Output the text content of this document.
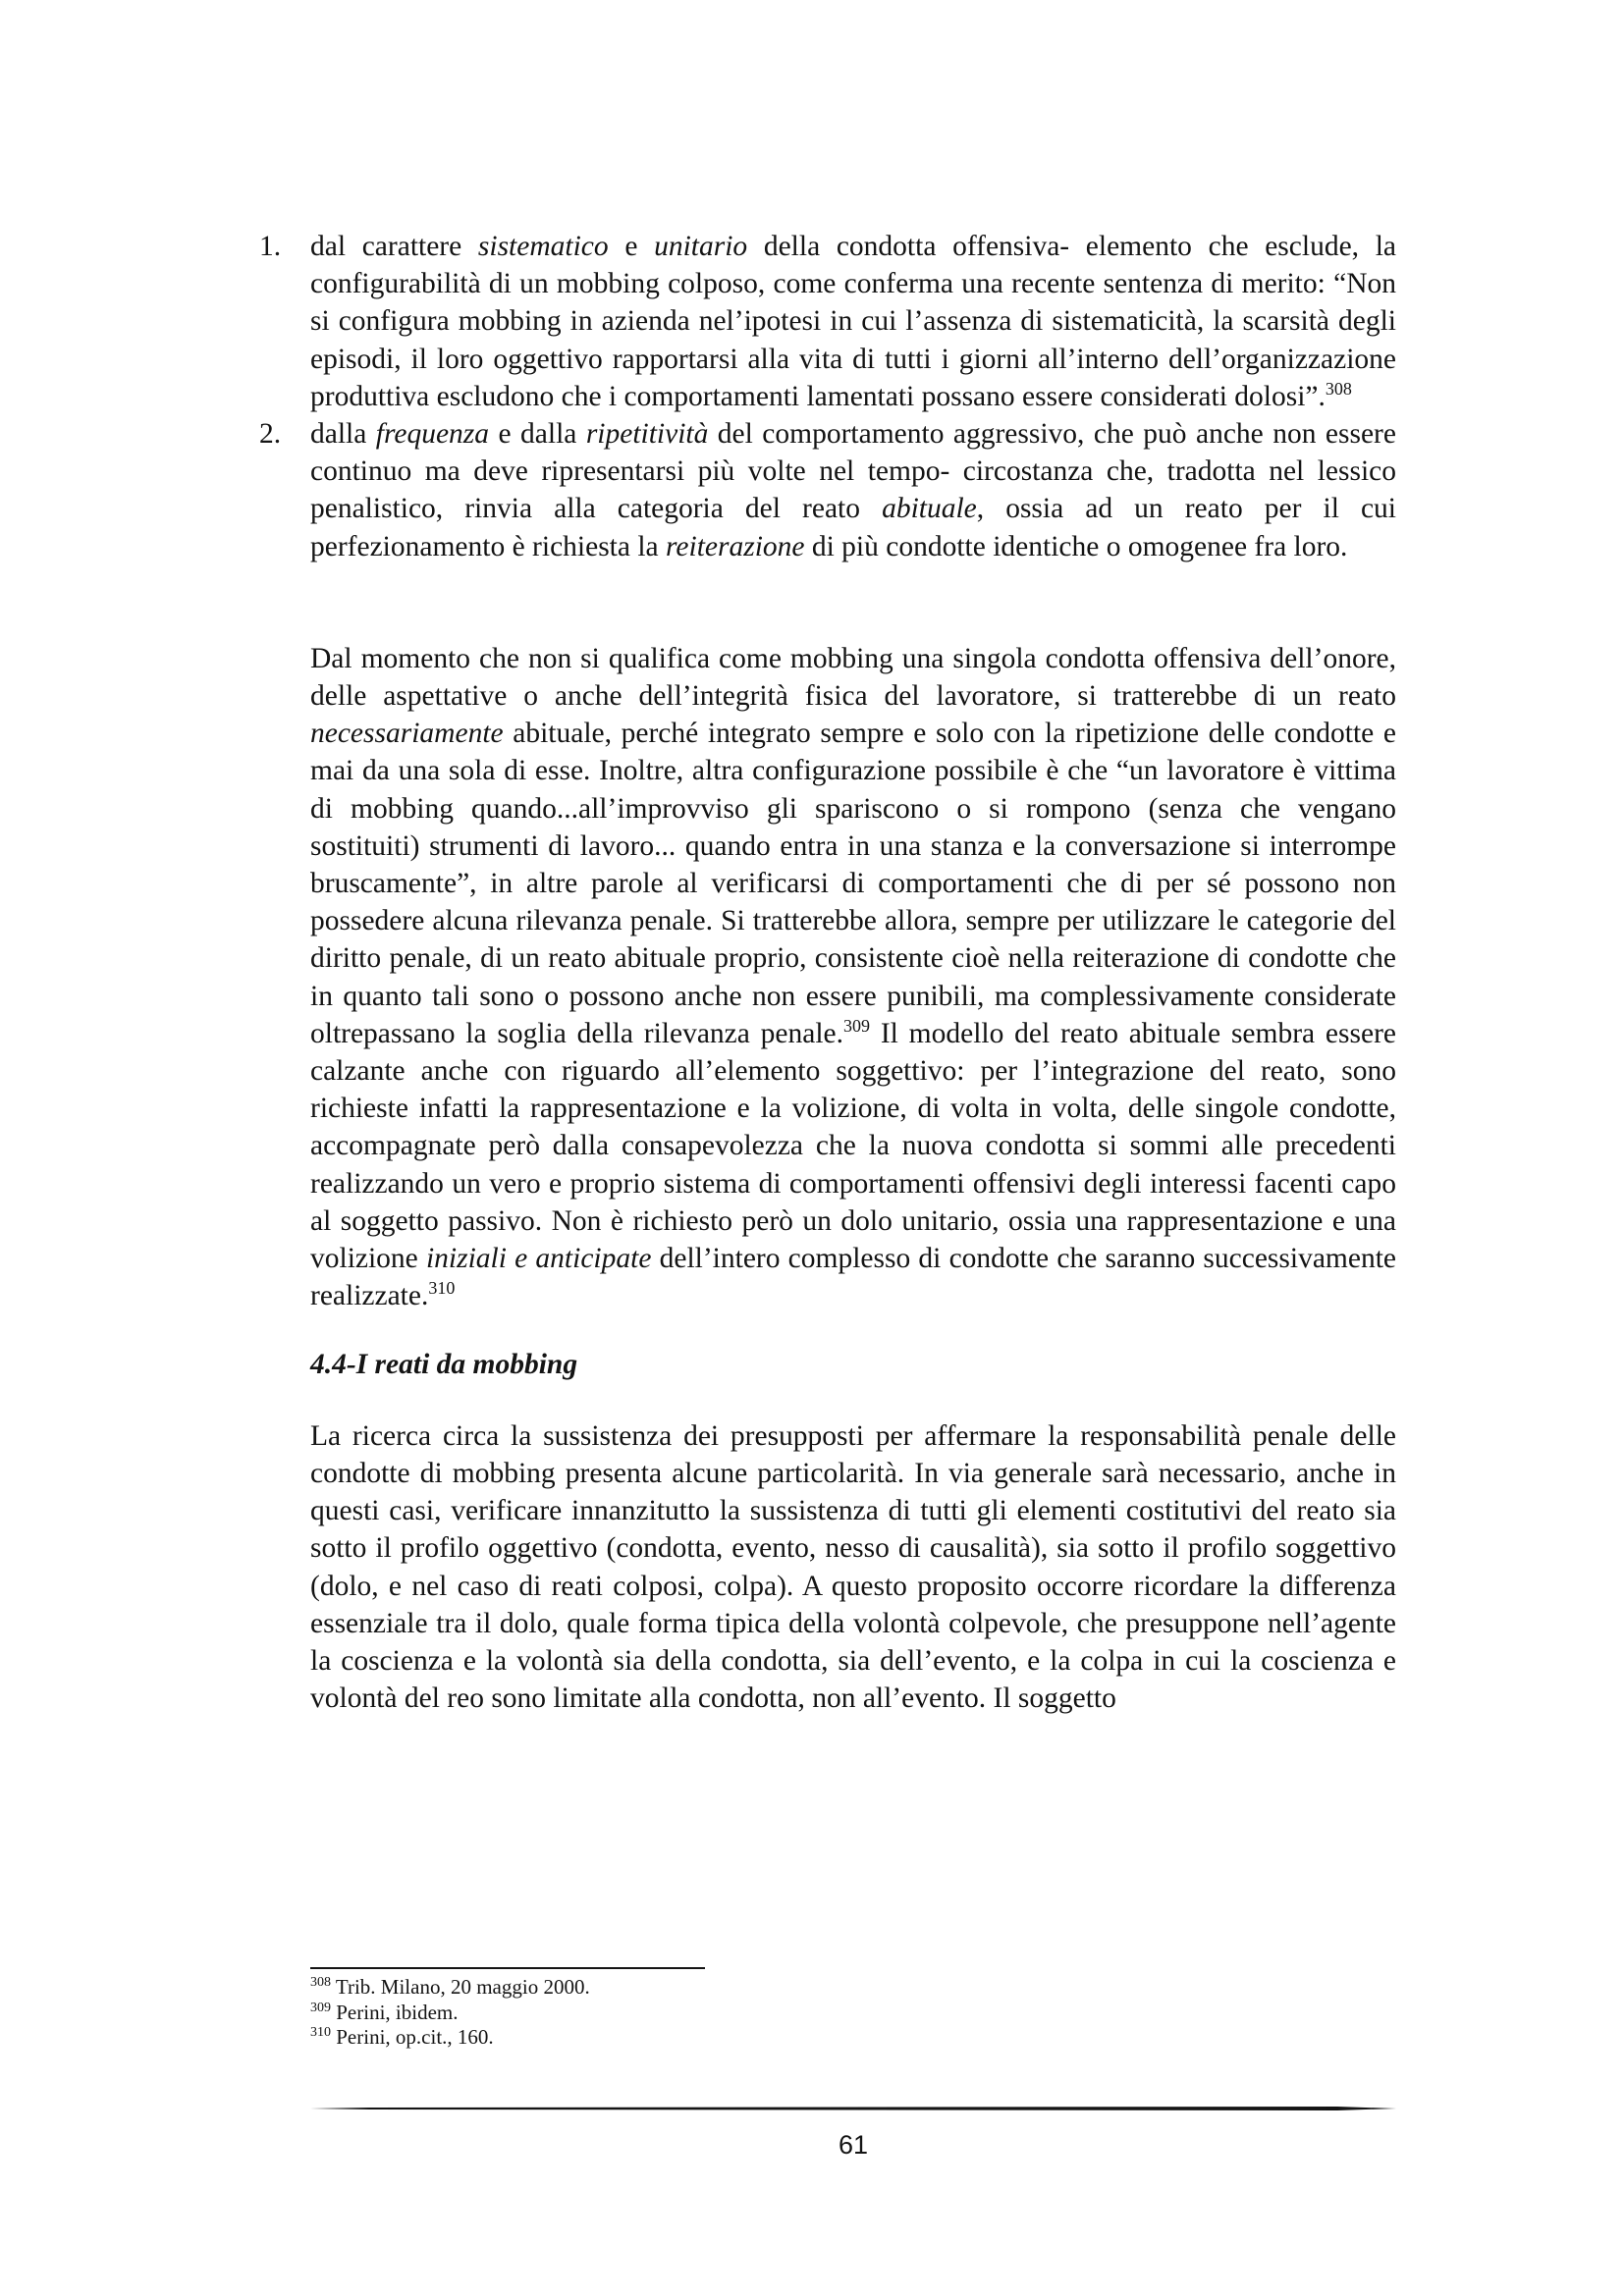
1.	dal carattere sistematico e unitario della condotta offensiva- elemento che esclude, la configurabilità di un mobbing colposo, come conferma una recente sentenza di merito: “Non si configura mobbing in azienda nel’ipotesi in cui l’assenza di sistematicità, la scarsità degli episodi, il loro oggettivo rapportarsi alla vita di tutti i giorni all’interno dell’organizzazione produttiva escludono che i comportamenti lamentati possano essere considerati dolosi”.$^{308}$
2.	dalla frequenza e dalla ripetitività del comportamento aggressivo, che può anche non essere continuo ma deve ripresentarsi più volte nel tempo- circostanza che, tradotta nel lessico penalistico, rinvia alla categoria del reato abituale, ossia ad un reato per il cui perfezionamento è richiesta la reiterazione di più condotte identiche o omogenee fra loro.

Dal momento che non si qualifica come mobbing una singola condotta offensiva dell’onore, delle aspettative o anche dell’integrità fisica del lavoratore, si tratterebbe di un reato necessariamente abituale, perché integrato sempre e solo con la ripetizione delle condotte e mai da una sola di esse. Inoltre, altra configurazione possibile è che “un lavoratore è vittima di mobbing quando...all’improvviso gli spariscono o si rompono (senza che vengano sostituiti) strumenti di lavoro... quando entra in una stanza e la conversazione si interrompe bruscamente”, in altre parole al verificarsi di comportamenti che di per sé possono non possedere alcuna rilevanza penale. Si tratterebbe allora, sempre per utilizzare le categorie del diritto penale, di un reato abituale proprio, consistente cioè nella reiterazione di condotte che in quanto tali sono o possono anche non essere punibili, ma complessivamente considerate oltrepassano la soglia della rilevanza penale.$^{309}$ Il modello del reato abituale sembra essere calzante anche con riguardo all’elemento soggettivo: per l’integrazione del reato, sono richieste infatti la rappresentazione e la volizione, di volta in volta, delle singole condotte, accompagnate però dalla consapevolezza che la nuova condotta si sommi alle precedenti realizzando un vero e proprio sistema di comportamenti offensivi degli interessi facenti capo al soggetto passivo. Non è richiesto però un dolo unitario, ossia una rappresentazione e una volizione iniziali e anticipate dell’intero complesso di condotte che saranno successivamente realizzate.$^{310}$

4.4-I reati da mobbing

La ricerca circa la sussistenza dei presupposti per affermare la responsabilità penale delle condotte di mobbing presenta alcune particolarità. In via generale sarà necessario, anche in questi casi, verificare innanzitutto la sussistenza di tutti gli elementi costitutivi del reato sia sotto il profilo oggettivo (condotta, evento, nesso di causalità), sia sotto il profilo soggettivo (dolo, e nel caso di reati colposi, colpa). A questo proposito occorre ricordare la differenza essenziale tra il dolo, quale forma tipica della volontà colpevole, che presuppone nell’agente la coscienza e la volontà sia della condotta, sia dell’evento, e la colpa in cui la coscienza e volontà del reo sono limitate alla condotta, non all’evento. Il soggetto

$^{308}$ Trib. Milano, 20 maggio 2000.

$^{309}$ Perini, ibidem.

$^{310}$ Perini, op.cit., 160.

61
